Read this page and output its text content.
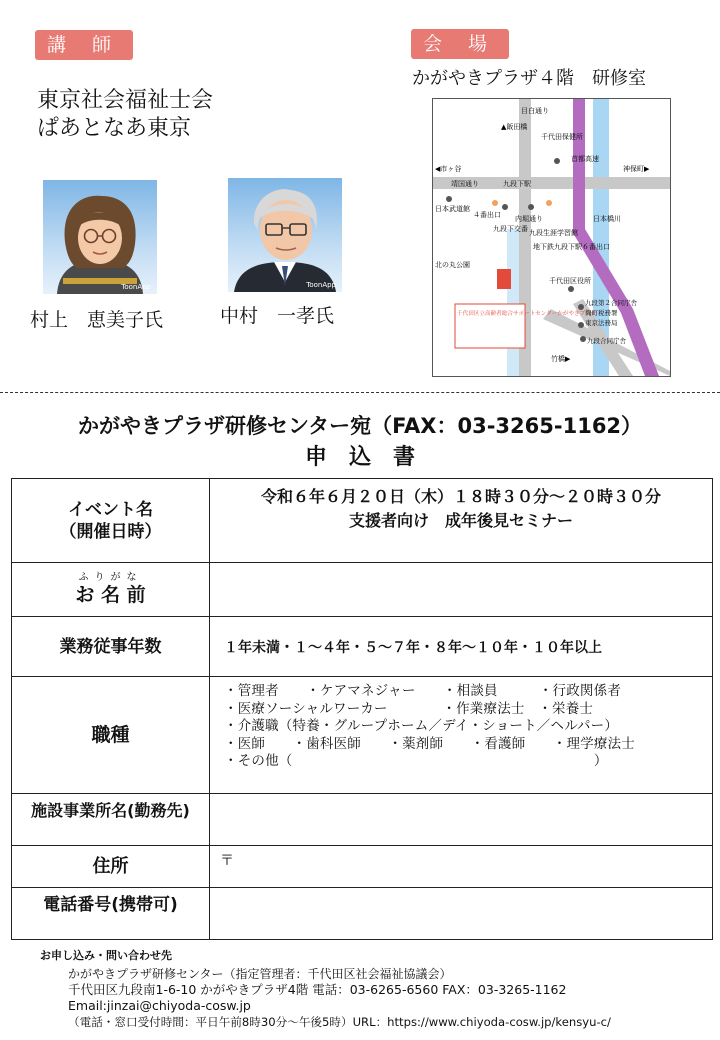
講 師
東京社会福祉士会
ぱあとなあ東京
ToonApp	ToonApp
村上　恵美子氏	中村　一孝氏
会 場
かがやきプラザ４階　研修室
▲飯田橋
目白通り
千代田保健所
◀市ヶ谷	神保町▶
靖国通り	九段下駅
首都高速
日本武道館
４番出口
九段下交番
内堀通り
九段生涯学習館
地下鉄九段下駅６番出口
日本橋川
北の丸公園
千代田区役所
九段第２合同庁舎
麹町税務署
東京法務局
九段合同庁舎
竹橋▶
千代田区立高齢者総合サポートセンターかがやきプラザ
かがやきプラザ研修センター宛（FAX：03-3265-1162）
申　込　書
イベント名
（開催日時）	令和６年６月２０日（木）１８時３０分～２０時３０分
支援者向け　成年後見セミナー

ふりがな
お 名 前	
業務従事年数	１年未満・１～４年・５～７年・８年～１０年・１０年以上
職種	・管理者　　・ケアマネジャー　　・相談員　　　・行政関係者
・医療ソーシャルワーカー　　　　・作業療法士　・栄養士
・介護職（特養・グループホーム／デイ・ショート／ヘルパー）
・医師　　・歯科医師　　・薬剤師　　・看護師　　・理学療法士
・その他（　　　　　　　　　　　　　　　　　　　　　　）

施設事業所名(勤務先)	
住所	〒
電話番号(携帯可)	
お申し込み・問い合わせ先
かがやきプラザ研修センター（指定管理者：千代田区社会福祉協議会）
千代田区九段南1-6-10 かがやきプラザ4階 電話：03-6265-6560 FAX：03-3265-1162
Email:jinzai@chiyoda-cosw.jp
（電話・窓口受付時間：平日午前8時30分～午後5時）URL：https://www.chiyoda-cosw.jp/kensyu-c/
